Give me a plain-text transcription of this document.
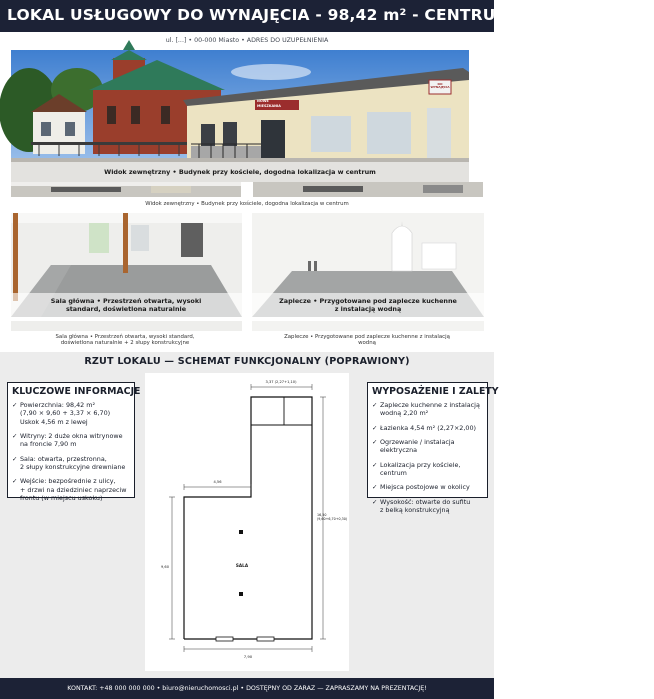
LOKAL USŁUGOWY DO WYNAJĘCIA - 98,42 m² - CENTRUM PRZY KOŚCIELE
ul. [...] • 00-000 Miasto • ADRES DO UZUPEŁNIENIA
NOWE
MIESZKANIA
DO WYNAJĘCIA
Widok zewnętrzny • Budynek przy kościele, dogodna lokalizacja w centrum
Widok zewnętrzny • Budynek przy kościele, dogodna lokalizacja w centrum
Sala główna • Przestrzeń otwarta, wysoki standard, doświetlona naturalnie
Zaplecze • Przygotowane pod zaplecze kuchenne z instalacją wodną
Sala główna • Przestrzeń otwarta, wysoki standard, doświetlona naturalnie + 2 słupy konstrukcyjne
Zaplecze • Przygotowane pod zaplecze kuchenne z instalacją wodną
RZUT LOKALU — SCHEMAT FUNKCJONALNY (POPRAWIONY)
3,37 (2,27+1,10)
4,56
16,50 (9,60+6,70+0,30)
9,60
7,90
SALA
KLUCZOWE INFORMACJE
✓ Powierzchnia: 98,42 m²
(7,90 × 9,60 + 3,37 × 6,70)
Uskok 4,56 m z lewej
✓ Witryny: 2 duże okna witrynowe
na froncie 7,90 m
✓ Sala: otwarta, przestronna,
2 słupy konstrukcyjne drewniane
✓ Wejście: bezpośrednie z ulicy,
+ drzwi na dziedziniec naprzeciw
frontu (w miejscu uskoku)
WYPOSAŻENIE I ZALETY
✓ Zaplecze kuchenne z instalacją
wodną 2,20 m²
✓ Łazienka 4,54 m² (2,27×2,00)
✓ Ogrzewanie / instalacja elektryczna
✓ Lokalizacja przy kościele, centrum
✓ Miejsca postojowe w okolicy
✓ Wysokość: otwarte do sufitu
z belką konstrukcyjną
KONTAKT: +48 000 000 000 • biuro@nieruchomosci.pl • DOSTĘPNY OD ZARAZ — ZAPRASZAMY NA PREZENTACJĘ!
